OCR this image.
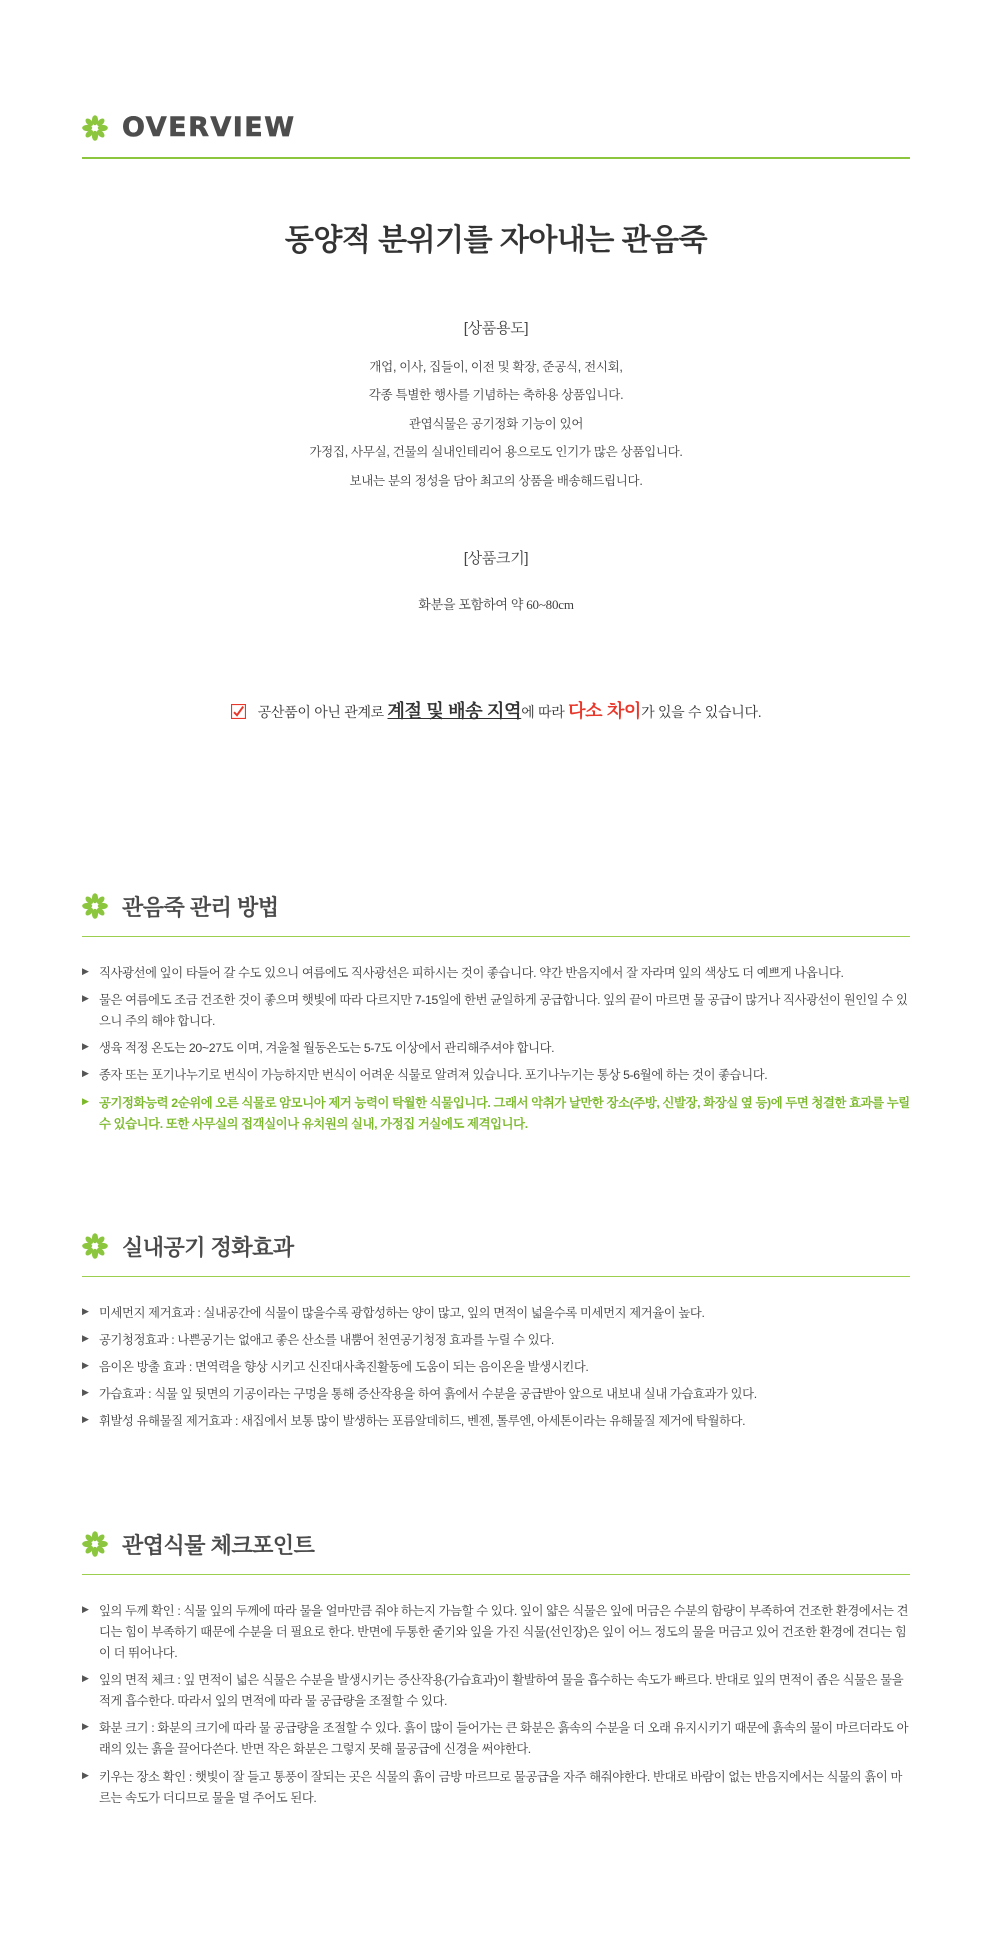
OVERVIEW
동양적 분위기를 자아내는 관음죽
[상품용도]

개업, 이사, 집들이, 이전 및 확장, 준공식, 전시회,

각종 특별한 행사를 기념하는 축하용 상품입니다.

관엽식물은 공기정화 기능이 있어

가정집, 사무실, 건물의 실내인테리어 용으로도 인기가 많은 상품입니다.

보내는 분의 정성을 담아 최고의 상품을 배송해드립니다.

[상품크기]
화분을 포함하여 약 60~80cm
공산품이 아닌 관계로 계절 및 배송 지역에 따라 다소 차이가 있을 수 있습니다.
관음죽 관리 방법
▶ 직사광선에 잎이 타들어 갈 수도 있으니 여름에도 직사광선은 피하시는 것이 좋습니다. 약간 반음지에서 잘 자라며 잎의 색상도 더 예쁘게 나옵니다.
▶ 물은 여름에도 조금 건조한 것이 좋으며 햇빛에 따라 다르지만 7-15일에 한번 균일하게 공급합니다. 잎의 끝이 마르면 물 공급이 많거나 직사광선이 원인일 수 있으니 주의 해야 합니다.
▶ 생육 적정 온도는 20~27도 이며, 겨울철 월동온도는 5-7도 이상에서 관리해주셔야 합니다.
▶ 종자 또는 포기나누기로 번식이 가능하지만 번식이 어려운 식물로 알려져 있습니다. 포기나누기는 통상 5-6월에 하는 것이 좋습니다.
▶ 공기정화능력 2순위에 오른 식물로 암모니아 제거 능력이 탁월한 식물입니다. 그래서 악취가 날만한 장소(주방, 신발장, 화장실 옆 등)에 두면 청결한 효과를 누릴 수 있습니다. 또한 사무실의 접객실이나 유치원의 실내, 가정집 거실에도 제격입니다.
실내공기 정화효과
▶ 미세먼지 제거효과 : 실내공간에 식물이 많을수록 광합성하는 양이 많고, 잎의 면적이 넓을수록 미세먼지 제거율이 높다.
▶ 공기청정효과 : 나쁜공기는 없애고 좋은 산소를 내뿜어 천연공기청정 효과를 누릴 수 있다.
▶ 음이온 방출 효과 : 면역력을 향상 시키고 신진대사촉진활동에 도움이 되는 음이온을 발생시킨다.
▶ 가습효과 : 식물 잎 뒷면의 기공이라는 구멍을 통해 증산작용을 하여 흙에서 수분을 공급받아 앞으로 내보내 실내 가습효과가 있다.
▶ 휘발성 유해물질 제거효과 : 새집에서 보통 많이 발생하는 포름알데히드, 벤젠, 톨루엔, 아세톤이라는 유해물질 제거에 탁월하다.
관엽식물 체크포인트
▶ 잎의 두께 확인 : 식물 잎의 두께에 따라 물을 얼마만큼 줘야 하는지 가늠할 수 있다. 잎이 얇은 식물은 잎에 머금은 수분의 함량이 부족하여 건조한 환경에서는 견디는 힘이 부족하기 때문에 수분을 더 필요로 한다. 반면에 두통한 줄기와 잎을 가진 식물(선인장)은 잎이 어느 정도의 물을 머금고 있어 건조한 환경에 견디는 힘이 더 뛰어나다.
▶ 잎의 면적 체크 : 잎 면적이 넓은 식물은 수분을 발생시키는 증산작용(가습효과)이 활발하여 물을 흡수하는 속도가 빠르다. 반대로 잎의 면적이 좁은 식물은 물을 적게 흡수한다. 따라서 잎의 면적에 따라 물 공급량을 조절할 수 있다.
▶ 화분 크기 : 화분의 크기에 따라 물 공급량을 조절할 수 있다. 흙이 많이 들어가는 큰 화분은 흙속의 수분을 더 오래 유지시키기 때문에 흙속의 물이 마르더라도 아래의 있는 흙을 끌어다쓴다. 반면 작은 화분은 그렇지 못해 물공급에 신경을 써야한다.
▶ 키우는 장소 확인 : 햇빛이 잘 들고 통풍이 잘되는 곳은 식물의 흙이 금방 마르므로 물공급을 자주 해줘야한다. 반대로 바람이 없는 반음지에서는 식물의 흙이 마르는 속도가 더디므로 물을 덜 주어도 된다.
